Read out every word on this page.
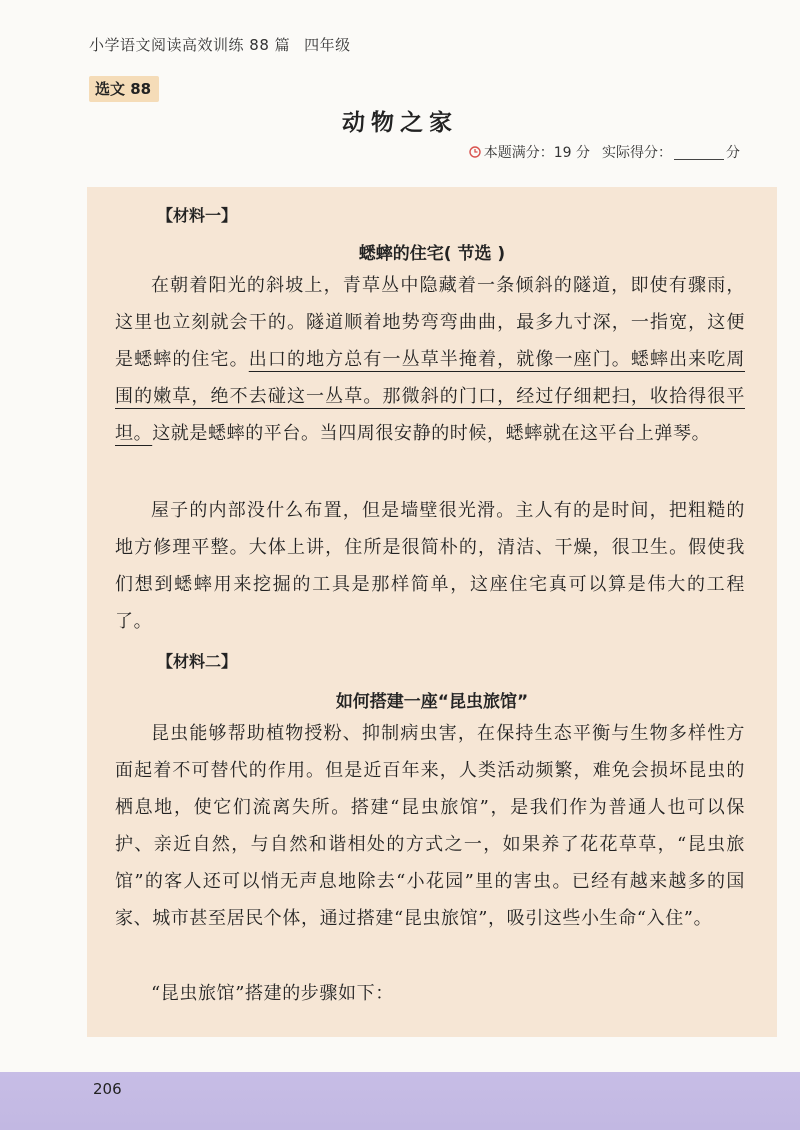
小学语文阅读高效训练 88 篇 四年级
选文 88
动物之家
本题满分：19 分 实际得分：	分
【材料一】
蟋蟀的住宅( 节选 )

在朝着阳光的斜坡上，青草丛中隐藏着一条倾斜的隧道，即使有骤雨，这里也立刻就会干的。隧道顺着地势弯弯曲曲，最多九寸深，一指宽，这便是蟋蟀的住宅。出口的地方总有一丛草半掩着，就像一座门。蟋蟀出来吃周围的嫩草，绝不去碰这一丛草。那微斜的门口，经过仔细耙扫，收拾得很平坦。这就是蟋蟀的平台。当四周很安静的时候，蟋蟀就在这平台上弹琴。

屋子的内部没什么布置，但是墙壁很光滑。主人有的是时间，把粗糙的地方修理平整。大体上讲，住所是很简朴的，清洁、干燥，很卫生。假使我们想到蟋蟀用来挖掘的工具是那样简单，这座住宅真可以算是伟大的工程了。

【材料二】
如何搭建一座“昆虫旅馆”

昆虫能够帮助植物授粉、抑制病虫害，在保持生态平衡与生物多样性方面起着不可替代的作用。但是近百年来，人类活动频繁，难免会损坏昆虫的栖息地，使它们流离失所。搭建“昆虫旅馆”，是我们作为普通人也可以保护、亲近自然，与自然和谐相处的方式之一，如果养了花花草草，“昆虫旅馆”的客人还可以悄无声息地除去“小花园”里的害虫。已经有越来越多的国家、城市甚至居民个体，通过搭建“昆虫旅馆”，吸引这些小生命“入住”。

“昆虫旅馆”搭建的步骤如下：

206
